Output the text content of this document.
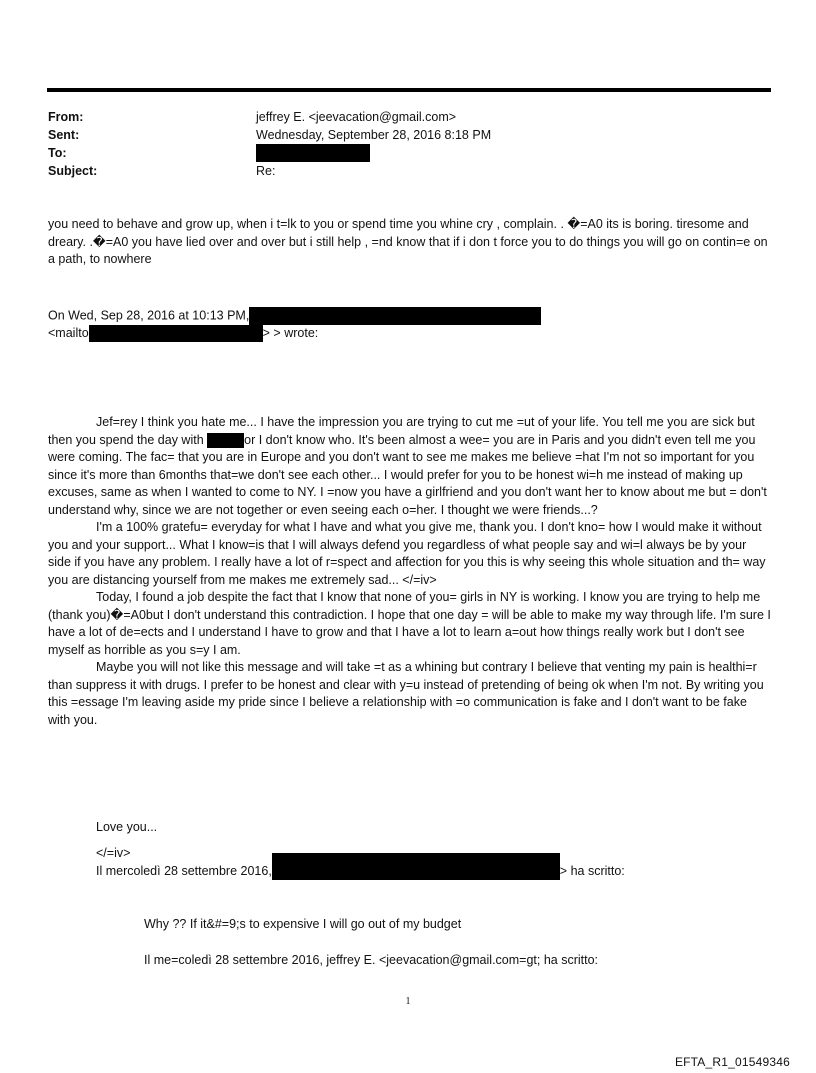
From:	jeffrey E. <jeevacation@gmail.com>
Sent:	Wednesday, September 28, 2016 8:18 PM
To:
Subject:	Re:

you need to behave and grow up, when i t=lk to you or spend time you whine cry , complain. . �=A0 its is boring. tiresome and dreary. .�=A0 you have lied over and over but i still help , =nd know that if i don t force you to do things you will go on contin=e on a path, to nowhere

On Wed, Sep 28, 2016 at 10:13 PM,
<mailto	> > wrote:

Jef=rey I think you hate me... I have the impression you are trying to cut me =ut of your life. You tell me you are sick but then you spend the day with	or I don't know who. It's been almost a wee= you are in Paris and you didn't even tell me you were coming. The fac= that you are in Europe and you don't want to see me makes me believe =hat I'm not so important for you since it's more than 6months that=we don't see each other... I would prefer for you to be honest wi=h me instead of making up excuses, same as when I wanted to come to NY. I =now you have a girlfriend and you don't want her to know about me but = don't understand why, since we are not together or even seeing each o=her. I thought we were friends...?

I'm a 100% gratefu= everyday for what I have and what you give me, thank you. I don't kno= how I would make it without you and your support... What I know=is that I will always defend you regardless of what people say and wi=l always be by your side if you have any problem. I really have a lot of r=spect and affection for you this is why seeing this whole situation and th= way you are distancing yourself from me makes me extremely sad... </=iv>

Today, I found a job despite the fact that I know that none of you= girls in NY is working. I know you are trying to help me (thank you)�=A0but I don't understand this contradiction. I hope that one day = will be able to make my way through life. I'm sure I have a lot of de=ects and I understand I have to grow and that I have a lot to learn a=out how things really work but I don't see myself as horrible as you s=y I am.

Maybe you will not like this message and will take =t as a whining but contrary I believe that venting my pain is healthi=r than suppress it with drugs. I prefer to be honest and clear with y=u instead of pretending of being ok when I'm not. By writing you this =essage I'm leaving aside my pride since I believe a relationship with =o communication is fake and I don't want to be fake with you.

Love you...
</=iv>
Il mercoledì 28 settembre 2016,	> ha scritto:
Why ?? If it&#=9;s to expensive I will go out of my budget
Il me=coledì 28 settembre 2016, jeffrey E. <jeevacation@gmail.com=gt; ha scritto:
1
EFTA_R1_01549346
